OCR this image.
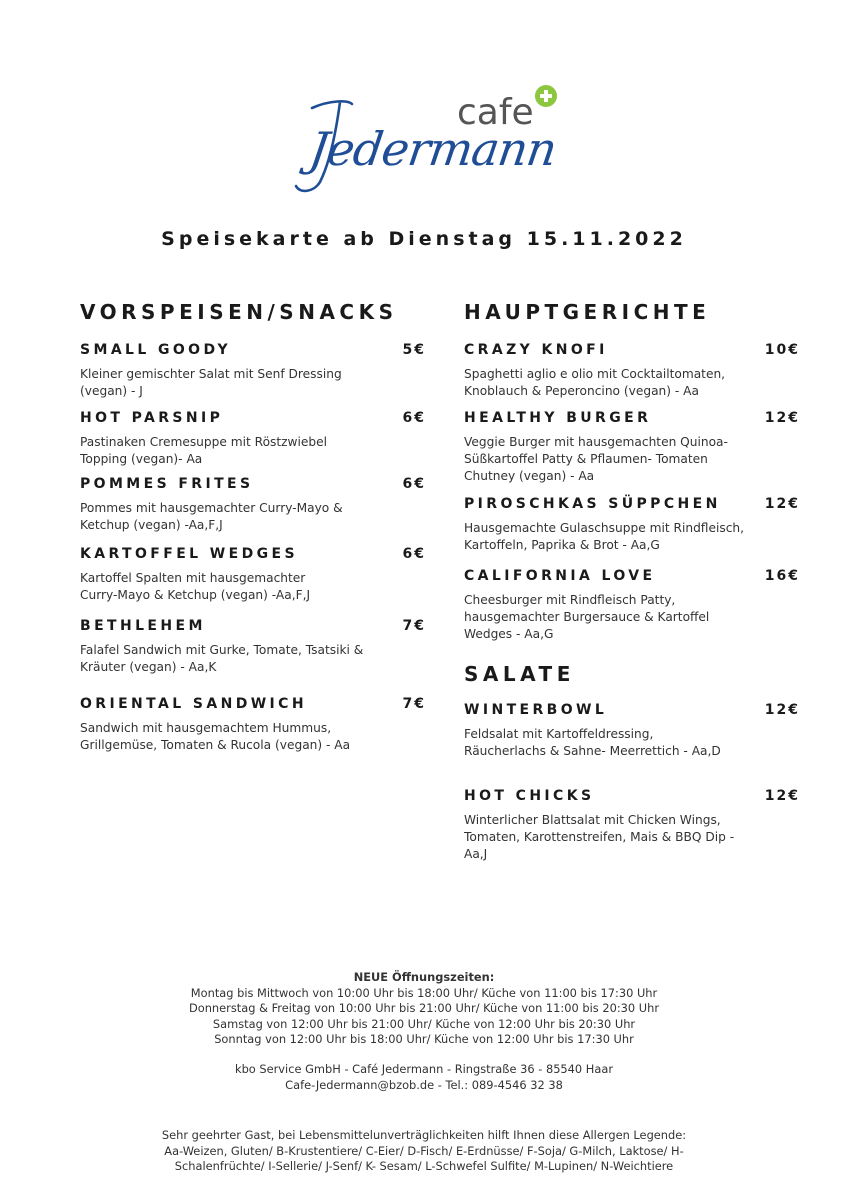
cafe
Jedermann
Speisekarte ab Dienstag 15.11.2022
VORSPEISEN/SNACKS
SMALL GOODY	5€
Kleiner gemischter Salat mit Senf Dressing
(vegan) - J
HOT PARSNIP	6€
Pastinaken Cremesuppe mit Röstzwiebel
Topping (vegan)- Aa
POMMES FRITES	6€
Pommes mit hausgemachter Curry-Mayo &
Ketchup (vegan) -Aa,F,J
KARTOFFEL WEDGES	6€
Kartoffel Spalten mit hausgemachter
Curry-Mayo & Ketchup (vegan) -Aa,F,J
BETHLEHEM	7€
Falafel Sandwich mit Gurke, Tomate, Tsatsiki &
Kräuter (vegan) - Aa,K
ORIENTAL SANDWICH	7€
Sandwich mit hausgemachtem Hummus,
Grillgemüse, Tomaten & Rucola (vegan) - Aa
HAUPTGERICHTE
CRAZY KNOFI	10€
Spaghetti aglio e olio mit Cocktailtomaten,
Knoblauch & Peperoncino (vegan) - Aa
HEALTHY BURGER	12€
Veggie Burger mit hausgemachten Quinoa-
Süßkartoffel Patty & Pflaumen- Tomaten
Chutney (vegan) - Aa
PIROSCHKAS SÜPPCHEN	12€
Hausgemachte Gulaschsuppe mit Rindfleisch,
Kartoffeln, Paprika & Brot - Aa,G
CALIFORNIA LOVE	16€
Cheesburger mit Rindfleisch Patty,
hausgemachter Burgersauce & Kartoffel
Wedges - Aa,G
SALATE
WINTERBOWL	12€
Feldsalat mit Kartoffeldressing,
Räucherlachs & Sahne- Meerrettich - Aa,D
HOT CHICKS	12€
Winterlicher Blattsalat mit Chicken Wings,
Tomaten, Karottenstreifen, Mais & BBQ Dip -
Aa,J
NEUE Öffnungszeiten:
Montag bis Mittwoch von 10:00 Uhr bis 18:00 Uhr/ Küche von 11:00 bis 17:30 Uhr
Donnerstag & Freitag von 10:00 Uhr bis 21:00 Uhr/ Küche von 11:00 bis 20:30 Uhr
Samstag von 12:00 Uhr bis 21:00 Uhr/ Küche von 12:00 Uhr bis 20:30 Uhr
Sonntag von 12:00 Uhr bis 18:00 Uhr/ Küche von 12:00 Uhr bis 17:30 Uhr
kbo Service GmbH - Café Jedermann - Ringstraße 36 - 85540 Haar
Cafe-Jedermann@bzob.de - Tel.: 089-4546 32 38
Sehr geehrter Gast, bei Lebensmittelunverträglichkeiten hilft Ihnen diese Allergen Legende:
Aa-Weizen, Gluten/ B-Krustentiere/ C-Eier/ D-Fisch/ E-Erdnüsse/ F-Soja/ G-Milch, Laktose/ H-
Schalenfrüchte/ I-Sellerie/ J-Senf/ K- Sesam/ L-Schwefel Sulfite/ M-Lupinen/ N-Weichtiere
